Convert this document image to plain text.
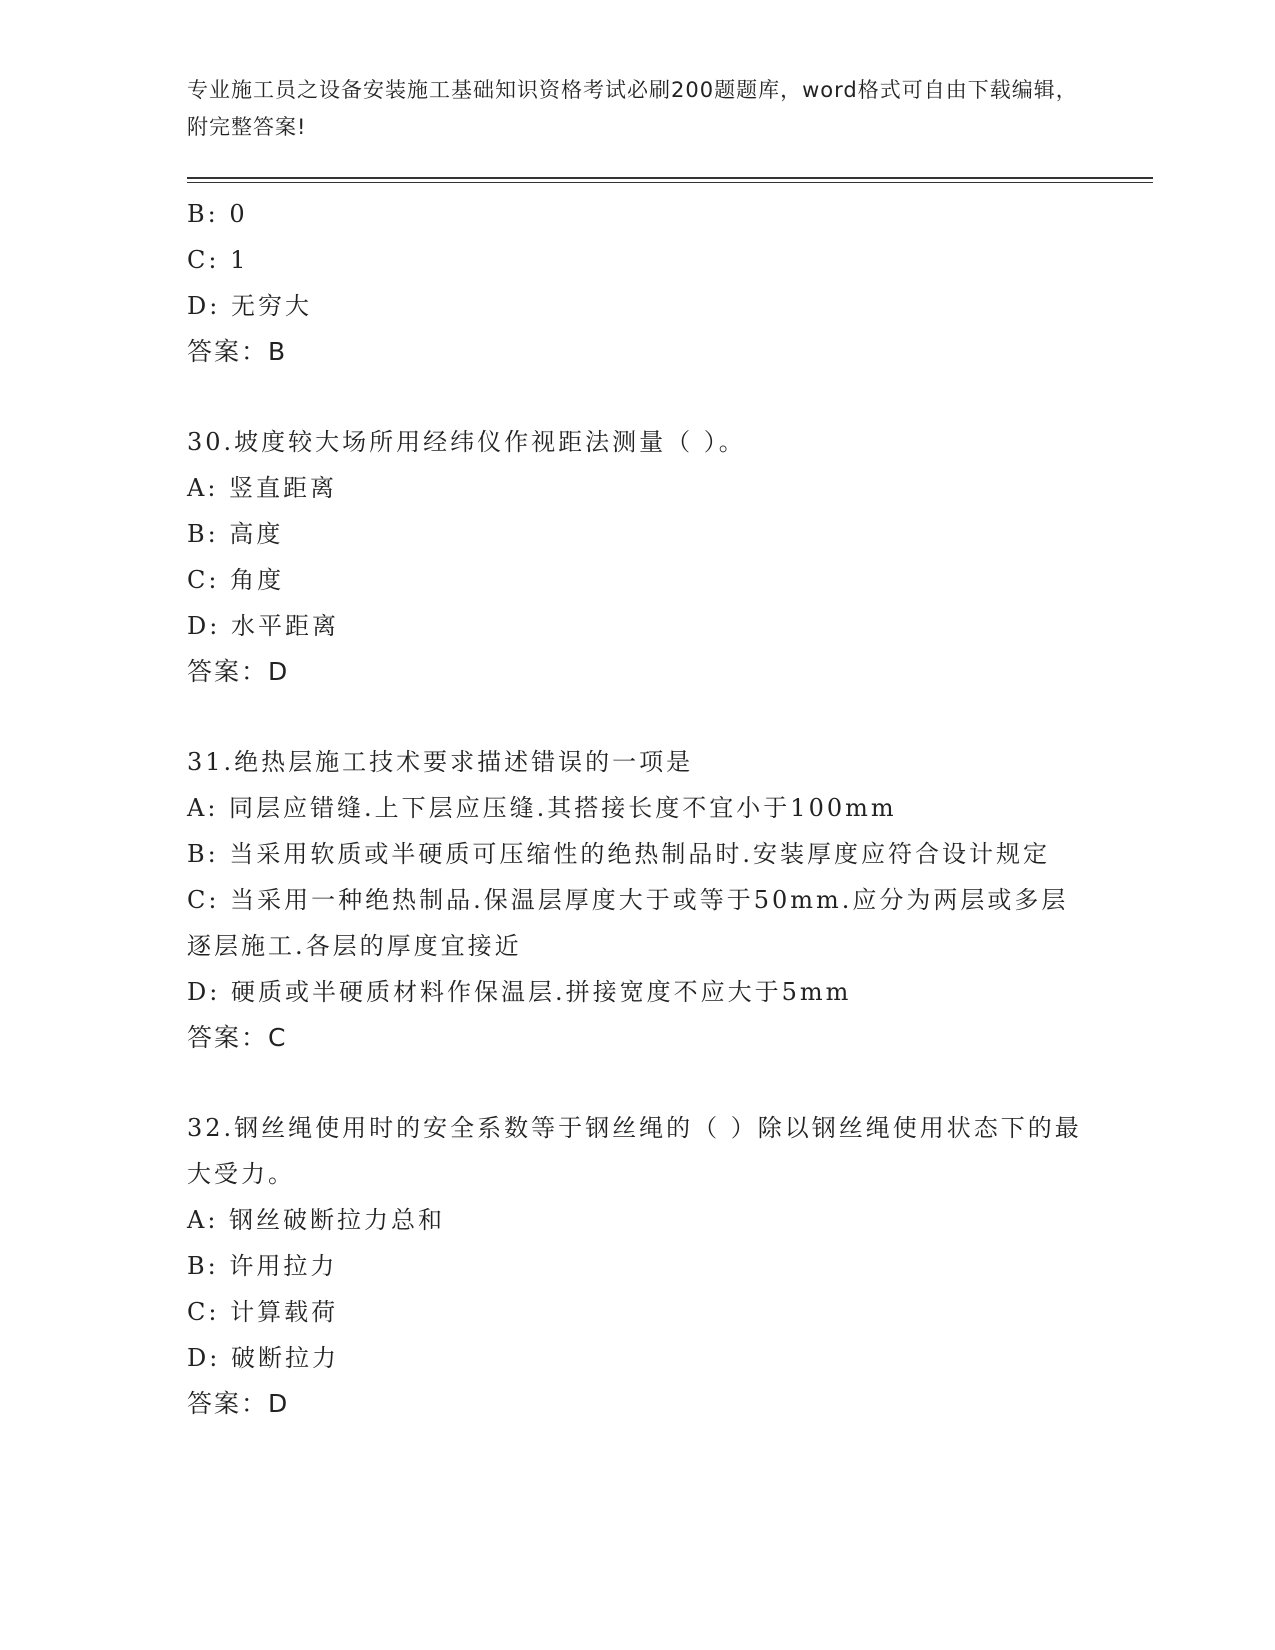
专业施工员之设备安装施工基础知识资格考试必刷200题题库，word格式可自由下载编辑，附完整答案!
B: 0
C: 1
D: 无穷大
答案：B
30.坡度较大场所用经纬仪作视距法测量（ ）。
A: 竖直距离
B: 高度
C: 角度
D: 水平距离
答案：D
31.绝热层施工技术要求描述错误的一项是
A: 同层应错缝.上下层应压缝.其搭接长度不宜小于100mm
B: 当采用软质或半硬质可压缩性的绝热制品时.安装厚度应符合设计规定
C: 当采用一种绝热制品.保温层厚度大于或等于50mm.应分为两层或多层逐层施工.各层的厚度宜接近
D: 硬质或半硬质材料作保温层.拼接宽度不应大于5mm
答案：C
32.钢丝绳使用时的安全系数等于钢丝绳的（ ）除以钢丝绳使用状态下的最大受力。
A: 钢丝破断拉力总和
B: 许用拉力
C: 计算载荷
D: 破断拉力
答案：D
